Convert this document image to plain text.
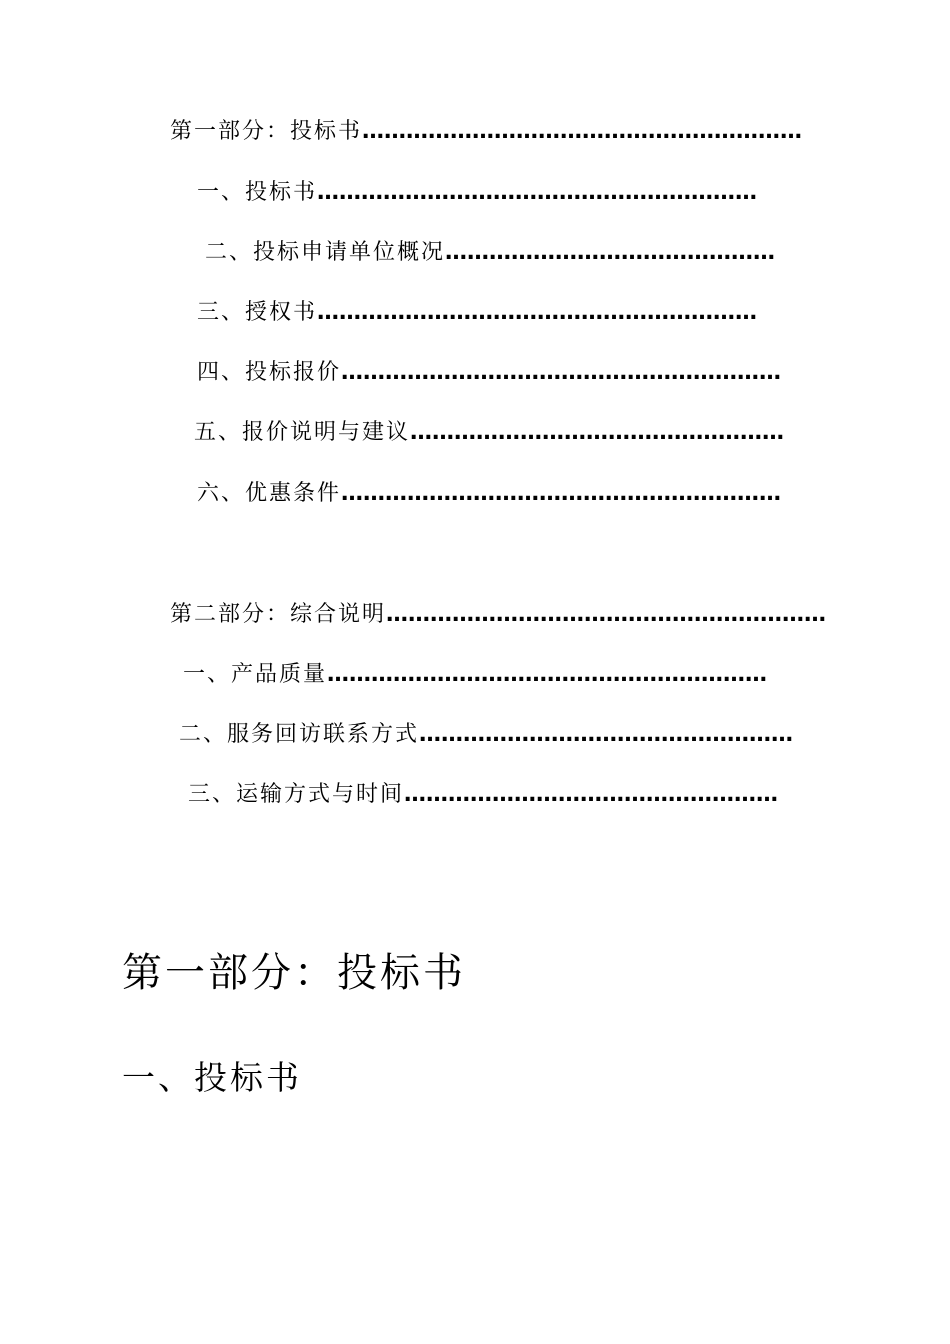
第一部分：投标书……………………………………………………
一、投标书……………………………………………………
二、投标申请单位概况………………………………………
三、授权书……………………………………………………
四、投标报价……………………………………………………
五、报价说明与建议……………………………………………
六、优惠条件……………………………………………………
第二部分：综合说明……………………………………………………
一、产品质量……………………………………………………
二、服务回访联系方式……………………………………………
三、运输方式与时间……………………………………………
第一部分：投标书
一、投标书
